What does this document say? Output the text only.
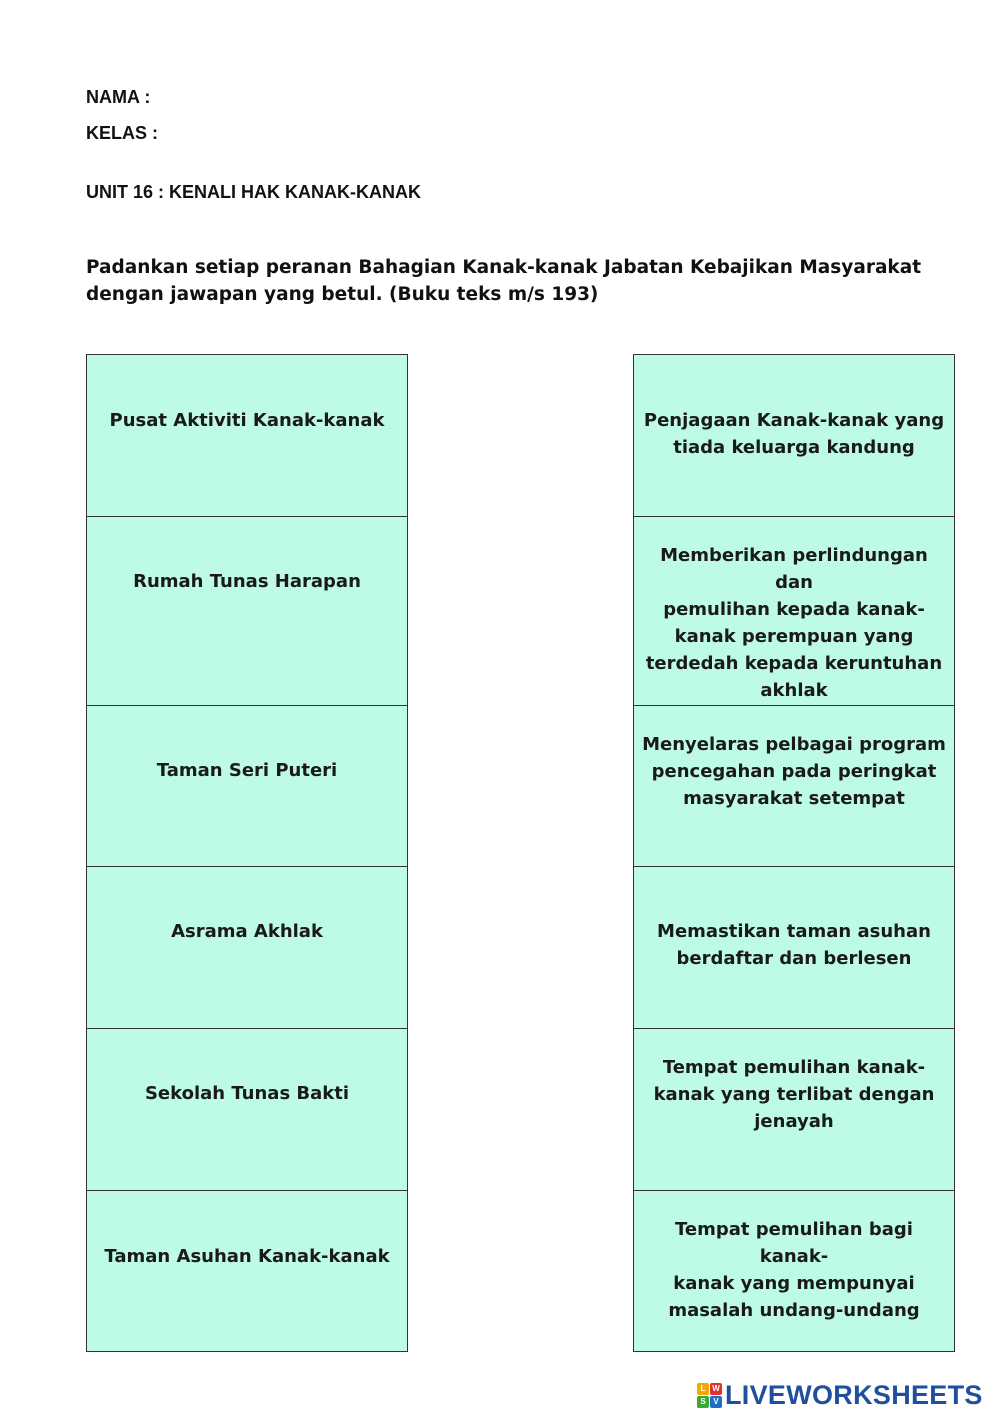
NAMA :
KELAS :
UNIT 16 : KENALI HAK KANAK-KANAK
Padankan setiap peranan Bahagian Kanak-kanak Jabatan Kebajikan Masyarakat
dengan jawapan yang betul. (Buku teks m/s 193)
Pusat Aktiviti Kanak-kanak
Rumah Tunas Harapan
Taman Seri Puteri
Asrama Akhlak
Sekolah Tunas Bakti
Taman Asuhan Kanak-kanak
Penjagaan Kanak-kanak yang
tiada keluarga kandung
Memberikan perlindungan dan
pemulihan kepada kanak-
kanak perempuan yang
terdedah kepada keruntuhan
akhlak
Menyelaras pelbagai program
pencegahan pada peringkat
masyarakat setempat
Memastikan taman asuhan
berdaftar dan berlesen
Tempat pemulihan kanak-
kanak yang terlibat dengan
jenayah
Tempat pemulihan bagi kanak-
kanak yang mempunyai
masalah undang-undang
L W
S V LIVEWORKSHEETS
